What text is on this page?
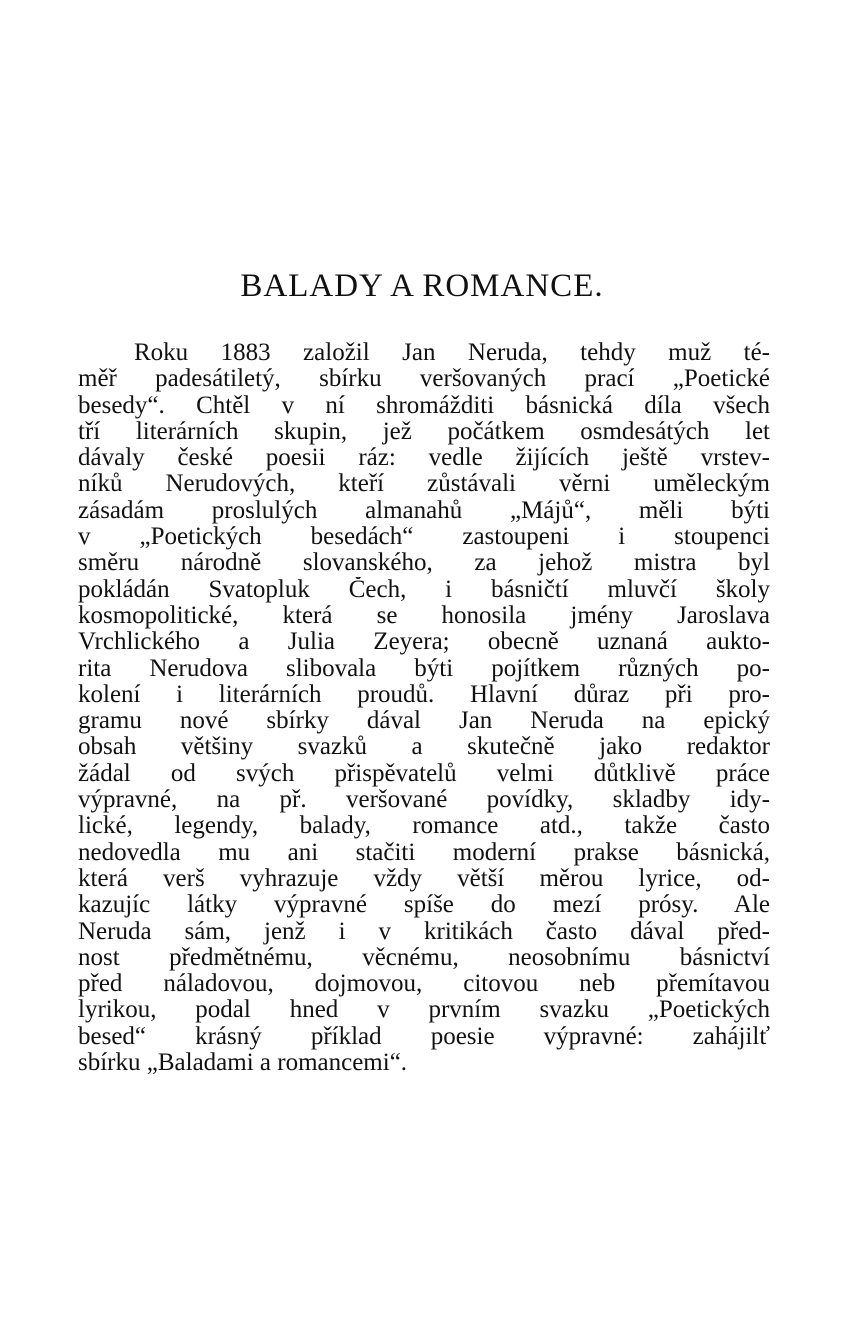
BALADY A ROMANCE.
Roku 1883 založil Jan Neruda, tehdy muž té-
měř padesátiletý, sbírku veršovaných prací „Poetické
besedy“. Chtěl v ní shromážditi básnická díla všech
tří literárních skupin, jež počátkem osmdesátých let
dávaly české poesii ráz: vedle žijících ještě vrstev-
níků Nerudových, kteří zůstávali věrni uměleckým
zásadám proslulých almanahů „Májů“, měli býti
v „Poetických besedách“ zastoupeni i stoupenci
směru národně slovanského, za jehož mistra byl
pokládán Svatopluk Čech, i básničtí mluvčí školy
kosmopolitické, která se honosila jmény Jaroslava
Vrchlického a Julia Zeyera; obecně uznaná aukto-
rita Nerudova slibovala býti pojítkem různých po-
kolení i literárních proudů. Hlavní důraz při pro-
gramu nové sbírky dával Jan Neruda na epický
obsah většiny svazků a skutečně jako redaktor
žádal od svých přispěvatelů velmi důtklivě práce
výpravné, na př. veršované povídky, skladby idy-
lické, legendy, balady, romance atd., takže často
nedovedla mu ani stačiti moderní prakse básnická,
která verš vyhrazuje vždy větší měrou lyrice, od-
kazujíc látky výpravné spíše do mezí prósy. Ale
Neruda sám, jenž i v kritikách často dával před-
nost předmětnému, věcnému, neosobnímu básnictví
před náladovou, dojmovou, citovou neb přemítavou
lyrikou, podal hned v prvním svazku „Poetických
besed“ krásný příklad poesie výpravné: zahájilť
sbírku „Baladami a romancemi“.
